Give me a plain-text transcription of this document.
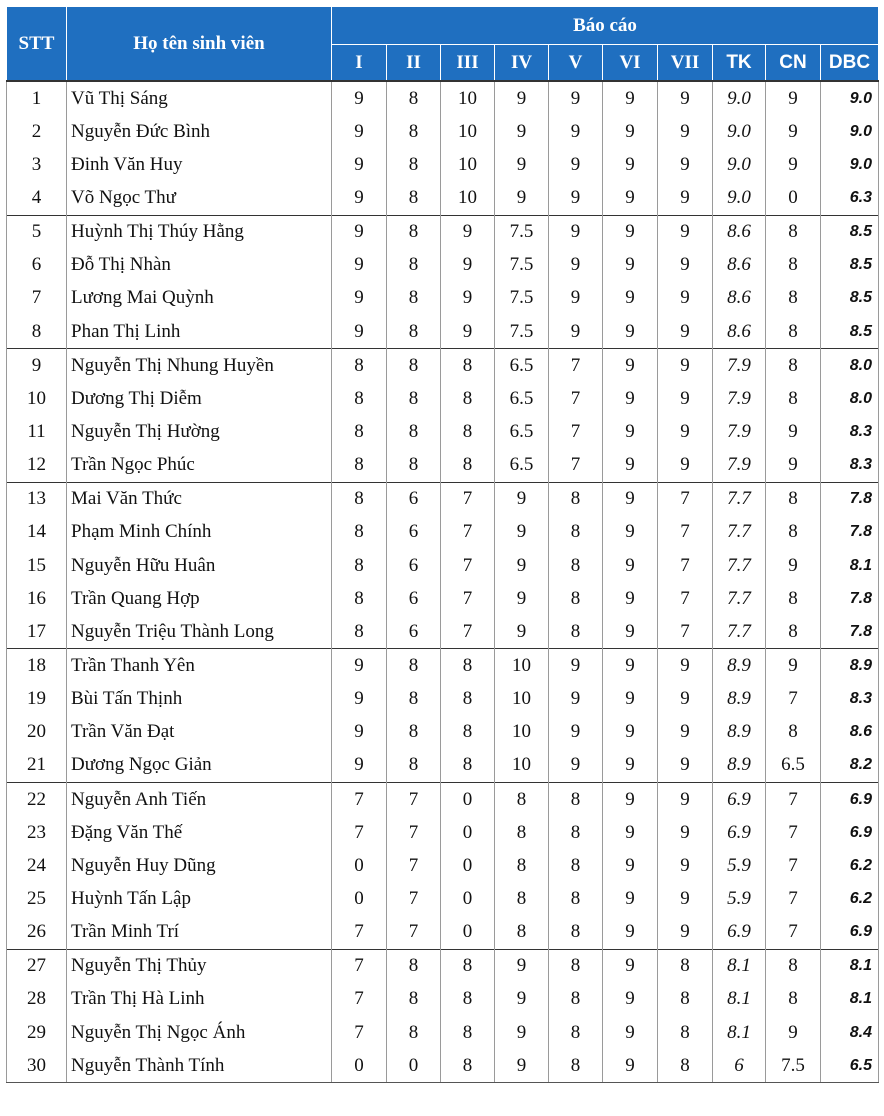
STT	Họ tên sinh viên	Báo cáo									
		I	II	III	IV	V	VI	VII	TK	CN	DBC
1	Vũ Thị Sáng	9	8	10	9	9	9	9	9.0	9	9.0
2	Nguyễn Đức Bình	9	8	10	9	9	9	9	9.0	9	9.0
3	Đinh Văn Huy	9	8	10	9	9	9	9	9.0	9	9.0
4	Võ Ngọc Thư	9	8	10	9	9	9	9	9.0	0	6.3
5	Huỳnh Thị Thúy Hằng	9	8	9	7.5	9	9	9	8.6	8	8.5
6	Đỗ Thị Nhàn	9	8	9	7.5	9	9	9	8.6	8	8.5
7	Lương Mai Quỳnh	9	8	9	7.5	9	9	9	8.6	8	8.5
8	Phan Thị Linh	9	8	9	7.5	9	9	9	8.6	8	8.5
9	Nguyễn Thị Nhung Huyền	8	8	8	6.5	7	9	9	7.9	8	8.0
10	Dương Thị Diễm	8	8	8	6.5	7	9	9	7.9	8	8.0
11	Nguyễn Thị Hường	8	8	8	6.5	7	9	9	7.9	9	8.3
12	Trần Ngọc Phúc	8	8	8	6.5	7	9	9	7.9	9	8.3
13	Mai Văn Thức	8	6	7	9	8	9	7	7.7	8	7.8
14	Phạm Minh Chính	8	6	7	9	8	9	7	7.7	8	7.8
15	Nguyễn Hữu Huân	8	6	7	9	8	9	7	7.7	9	8.1
16	Trần Quang Hợp	8	6	7	9	8	9	7	7.7	8	7.8
17	Nguyễn Triệu Thành Long	8	6	7	9	8	9	7	7.7	8	7.8
18	Trần Thanh Yên	9	8	8	10	9	9	9	8.9	9	8.9
19	Bùi Tấn Thịnh	9	8	8	10	9	9	9	8.9	7	8.3
20	Trần Văn Đạt	9	8	8	10	9	9	9	8.9	8	8.6
21	Dương Ngọc Giản	9	8	8	10	9	9	9	8.9	6.5	8.2
22	Nguyễn Anh Tiến	7	7	0	8	8	9	9	6.9	7	6.9
23	Đặng Văn Thế	7	7	0	8	8	9	9	6.9	7	6.9
24	Nguyễn Huy Dũng	0	7	0	8	8	9	9	5.9	7	6.2
25	Huỳnh Tấn Lập	0	7	0	8	8	9	9	5.9	7	6.2
26	Trần Minh Trí	7	7	0	8	8	9	9	6.9	7	6.9
27	Nguyễn Thị Thủy	7	8	8	9	8	9	8	8.1	8	8.1
28	Trần Thị Hà Linh	7	8	8	9	8	9	8	8.1	8	8.1
29	Nguyễn Thị Ngọc Ánh	7	8	8	9	8	9	8	8.1	9	8.4
30	Nguyễn Thành Tính	0	0	8	9	8	9	8	6	7.5	6.5
